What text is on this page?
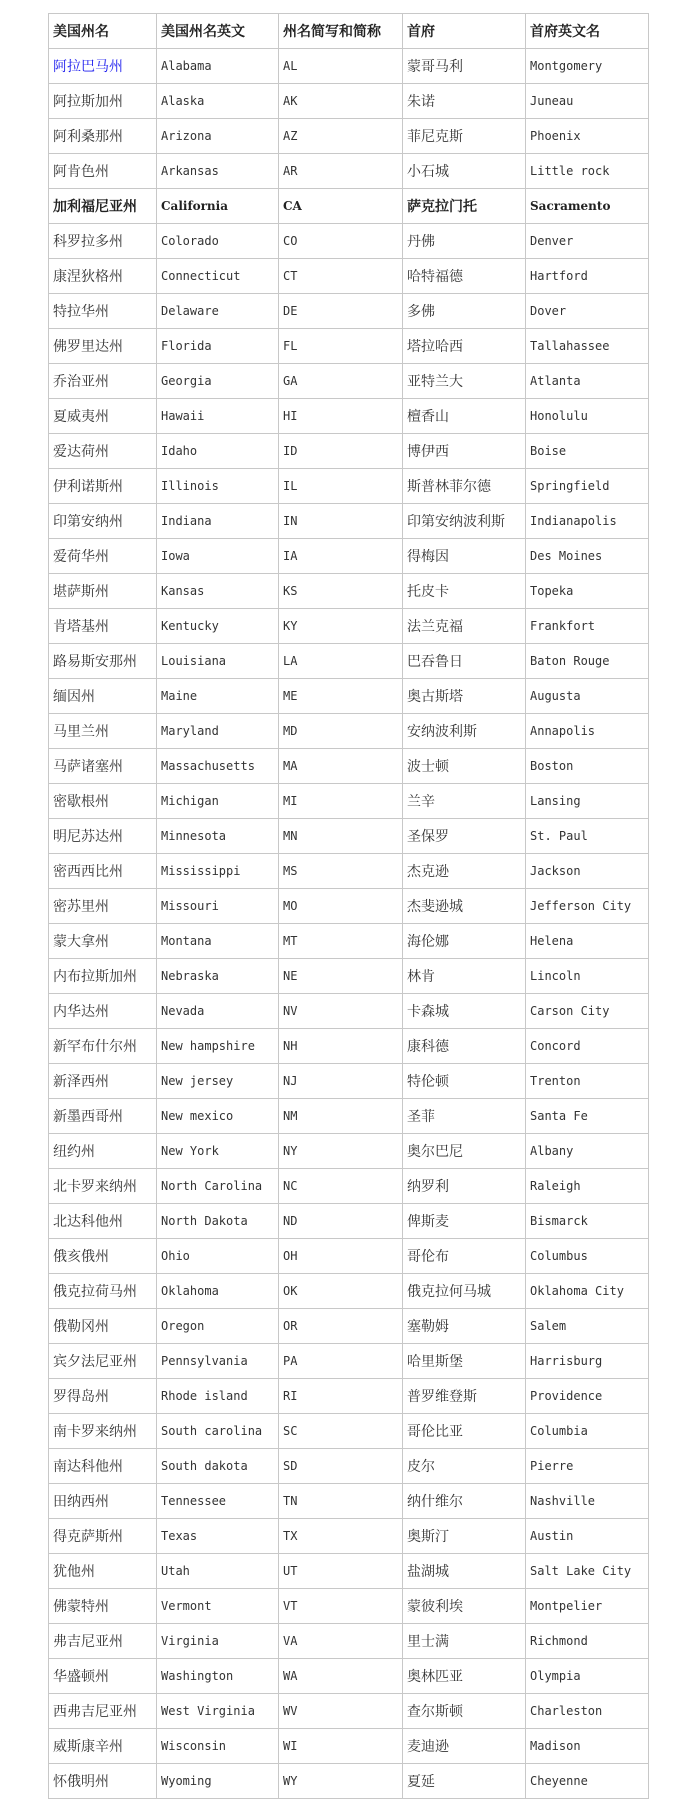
美国州名	美国州名英文	州名简写和简称	首府	首府英文名
阿拉巴马州	Alabama	AL	蒙哥马利	Montgomery
阿拉斯加州	Alaska	AK	朱诺	Juneau
阿利桑那州	Arizona	AZ	菲尼克斯	Phoenix
阿肯色州	Arkansas	AR	小石城	Little rock
加利福尼亚州	California	CA	萨克拉门托	Sacramento
科罗拉多州	Colorado	CO	丹佛	Denver
康涅狄格州	Connecticut	CT	哈特福德	Hartford
特拉华州	Delaware	DE	多佛	Dover
佛罗里达州	Florida	FL	塔拉哈西	Tallahassee
乔治亚州	Georgia	GA	亚特兰大	Atlanta
夏威夷州	Hawaii	HI	檀香山	Honolulu
爱达荷州	Idaho	ID	博伊西	Boise
伊利诺斯州	Illinois	IL	斯普林菲尔德	Springfield
印第安纳州	Indiana	IN	印第安纳波利斯	Indianapolis
爱荷华州	Iowa	IA	得梅因	Des Moines
堪萨斯州	Kansas	KS	托皮卡	Topeka
肯塔基州	Kentucky	KY	法兰克福	Frankfort
路易斯安那州	Louisiana	LA	巴吞鲁日	Baton Rouge
缅因州	Maine	ME	奥古斯塔	Augusta
马里兰州	Maryland	MD	安纳波利斯	Annapolis
马萨诸塞州	Massachusetts	MA	波士顿	Boston
密歇根州	Michigan	MI	兰辛	Lansing
明尼苏达州	Minnesota	MN	圣保罗	St. Paul
密西西比州	Mississippi	MS	杰克逊	Jackson
密苏里州	Missouri	MO	杰斐逊城	Jefferson City
蒙大拿州	Montana	MT	海伦娜	Helena
内布拉斯加州	Nebraska	NE	林肯	Lincoln
内华达州	Nevada	NV	卡森城	Carson City
新罕布什尔州	New hampshire	NH	康科德	Concord
新泽西州	New jersey	NJ	特伦顿	Trenton
新墨西哥州	New mexico	NM	圣菲	Santa Fe
纽约州	New York	NY	奥尔巴尼	Albany
北卡罗来纳州	North Carolina	NC	纳罗利	Raleigh
北达科他州	North Dakota	ND	俾斯麦	Bismarck
俄亥俄州	Ohio	OH	哥伦布	Columbus
俄克拉荷马州	Oklahoma	OK	俄克拉何马城	Oklahoma City
俄勒冈州	Oregon	OR	塞勒姆	Salem
宾夕法尼亚州	Pennsylvania	PA	哈里斯堡	Harrisburg
罗得岛州	Rhode island	RI	普罗维登斯	Providence
南卡罗来纳州	South carolina	SC	哥伦比亚	Columbia
南达科他州	South dakota	SD	皮尔	Pierre
田纳西州	Tennessee	TN	纳什维尔	Nashville
得克萨斯州	Texas	TX	奥斯汀	Austin
犹他州	Utah	UT	盐湖城	Salt Lake City
佛蒙特州	Vermont	VT	蒙彼利埃	Montpelier
弗吉尼亚州	Virginia	VA	里士满	Richmond
华盛顿州	Washington	WA	奥林匹亚	Olympia
西弗吉尼亚州	West Virginia	WV	查尔斯顿	Charleston
威斯康辛州	Wisconsin	WI	麦迪逊	Madison
怀俄明州	Wyoming	WY	夏延	Cheyenne
